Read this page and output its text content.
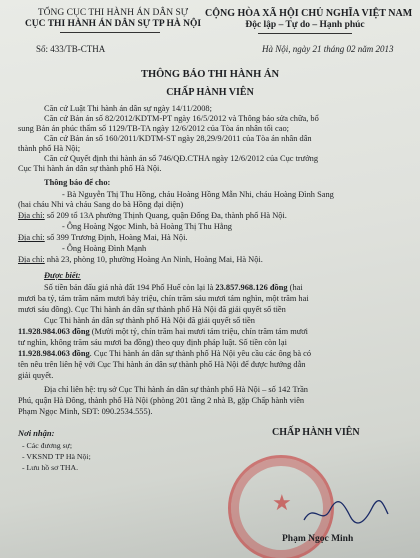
TỔNG CỤC THI HÀNH ÁN DÂN SỰ
CỤC THI HÀNH ÁN DÂN SỰ TP HÀ NỘI
Số: 433/TB-CTHA
CỘNG HÒA XÃ HỘI CHỦ NGHĨA VIỆT NAM
Độc lập – Tự do – Hạnh phúc
Hà Nội, ngày 21 tháng 02 năm 2013
THÔNG BÁO THI HÀNH ÁN
CHẤP HÀNH VIÊN
Căn cứ Luật Thi hành án dân sự ngày 14/11/2008;
Căn cứ Bản án số 82/2012/KDTM-PT ngày 16/5/2012 và Thông báo sửa chữa, bổ
sung Bản án phúc thẩm số 1129/TB-TA ngày 12/6/2012 của Tòa án nhân tối cao;
Căn cứ Bản án số 160/2011/KDTM-ST ngày 28,29/9/2011 của Tòa án nhân dân
thành phố Hà Nội;
Căn cứ Quyết định thi hành án số 746/QĐ.CTHA ngày 12/6/2012 của Cục trưởng
Cục Thi hành án dân sự thành phố Hà Nội.
Thông báo để cho:
- Bà Nguyễn Thị Thu Hồng, cháu Hoàng Hồng Mẫn Nhi, cháu Hoàng Đình Sang
(hai cháu Nhi và cháu Sang do bà Hồng đại diện)
Địa chỉ: số 209 tổ 13A phường Thịnh Quang, quận Đống Đa, thành phố Hà Nội.
- Ông Hoàng Ngọc Minh, bà Hoàng Thị Thu Hằng
Địa chỉ: số 399 Trương Định, Hoàng Mai, Hà Nội.
- Ông Hoàng Đình Mạnh
Địa chỉ: nhà 23, phòng 10, phường Hoàng An Ninh, Hoàng Mai, Hà Nội.
Được biết:
Số tiền bán đấu giá nhà đất 194 Phố Huế còn lại là 23.857.968.126 đồng (hai
mươi ba tỷ, tám trăm năm mươi bảy triệu, chín trăm sáu mươi tám nghìn, một trăm hai
mươi sáu đồng). Cục Thi hành án dân sự thành phố Hà Nội đã giải quyết số tiền
Cục Thi hành án dân sự thành phố Hà Nội đã giải quyết số tiền
11.928.984.063 đồng (Mười một tỷ, chín trăm hai mươi tám triệu, chín trăm tám mươi
tư nghìn, không trăm sáu mươi ba đồng) theo quy định pháp luật. Số tiền còn lại
11.928.984.063 đồng. Cục Thi hành án dân sự thành phố Hà Nội yêu cầu các ông bà có
tên nêu trên liên hệ với Cục Thi hành án dân sự thành phố Hà Nội để được hướng dẫn
giải quyết.
Địa chỉ liên hệ: trụ sở Cục Thi hành án dân sự thành phố Hà Nội – số 142 Trần
Phú, quận Hà Đông, thành phố Hà Nội (phòng 201 tầng 2 nhà B, gặp Chấp hành viên
Phạm Ngọc Minh, SĐT: 090.2534.555).
Nơi nhận:
- Các đương sự;
- VKSND TP Hà Nội;
- Lưu hồ sơ THA.
CHẤP HÀNH VIÊN
★
Phạm Ngọc Minh
